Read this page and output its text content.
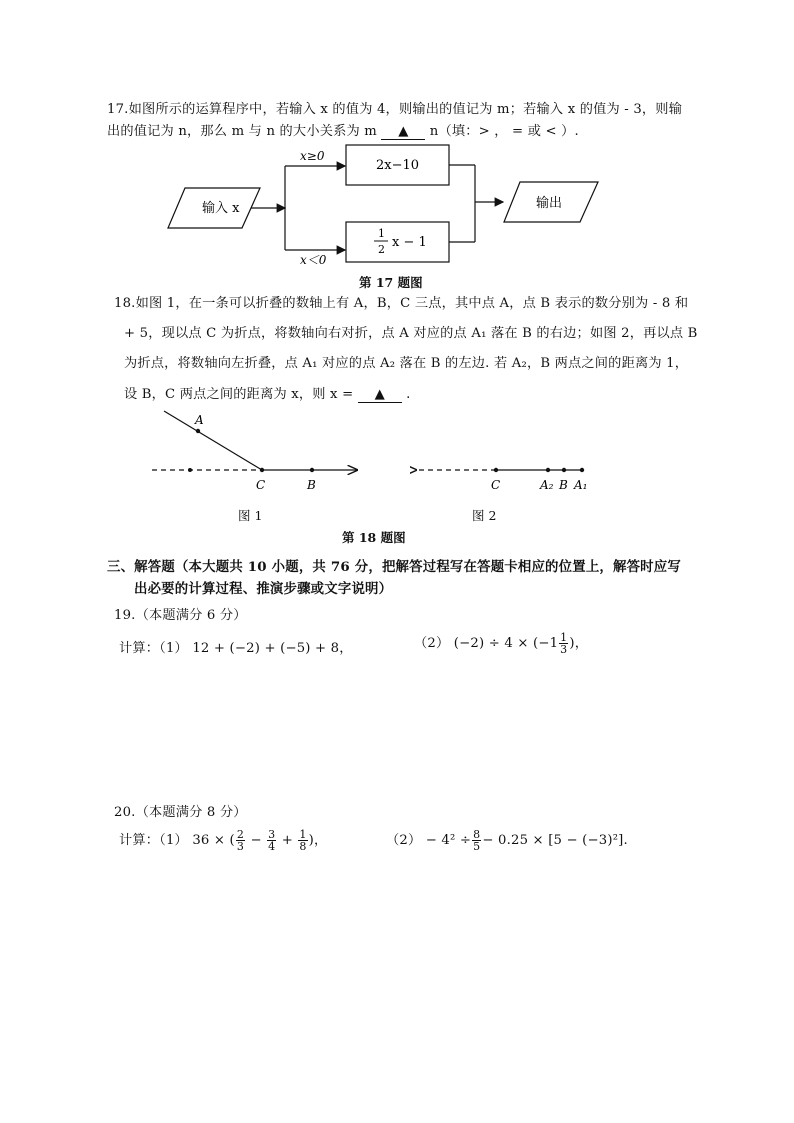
17.如图所示的运算程序中，若输入 x 的值为 4，则输出的值记为 m；若输入 x 的值为 - 3，则输
出的值记为 n，那么 m 与 n 的大小关系为 m ▲ n（填：> ， = 或 < ）.
输入 x
x≥0
x＜0
2x−10
1
2 x − 1
输出
第 17 题图
18.如图 1，在一条可以折叠的数轴上有 A，B，C 三点，其中点 A，点 B 表示的数分别为 - 8 和
+ 5，现以点 C 为折点，将数轴向右对折，点 A 对应的点 A₁ 落在 B 的右边；如图 2，再以点 B
为折点，将数轴向左折叠，点 A₁ 对应的点 A₂ 落在 B 的左边. 若 A₂，B 两点之间的距离为 1，
设 B，C 两点之间的距离为 x，则 x = ▲ .
A
C	B
图 1
C	A₂ B A₁
图 2
第 18 题图
三、解答题（本大题共 10 小题，共 76 分，把解答过程写在答题卡相应的位置上，解答时应写
出必要的计算过程、推演步骤或文字说明）
19.（本题满分 6 分）
计算：（1） 12 + (−2) + (−5) + 8，	（2） $(-2) \div 4 \times (-1 \frac{1}{3}$ )，
20.（本题满分 8 分）
计算：（1） 36 × ( $\frac{2}{3} - \frac{3}{4} + \frac{1}{8}$ )，	$(2) - 4^2 \div \frac{8}{5} - 0.25 \times [5 - (-3)^2]$.
